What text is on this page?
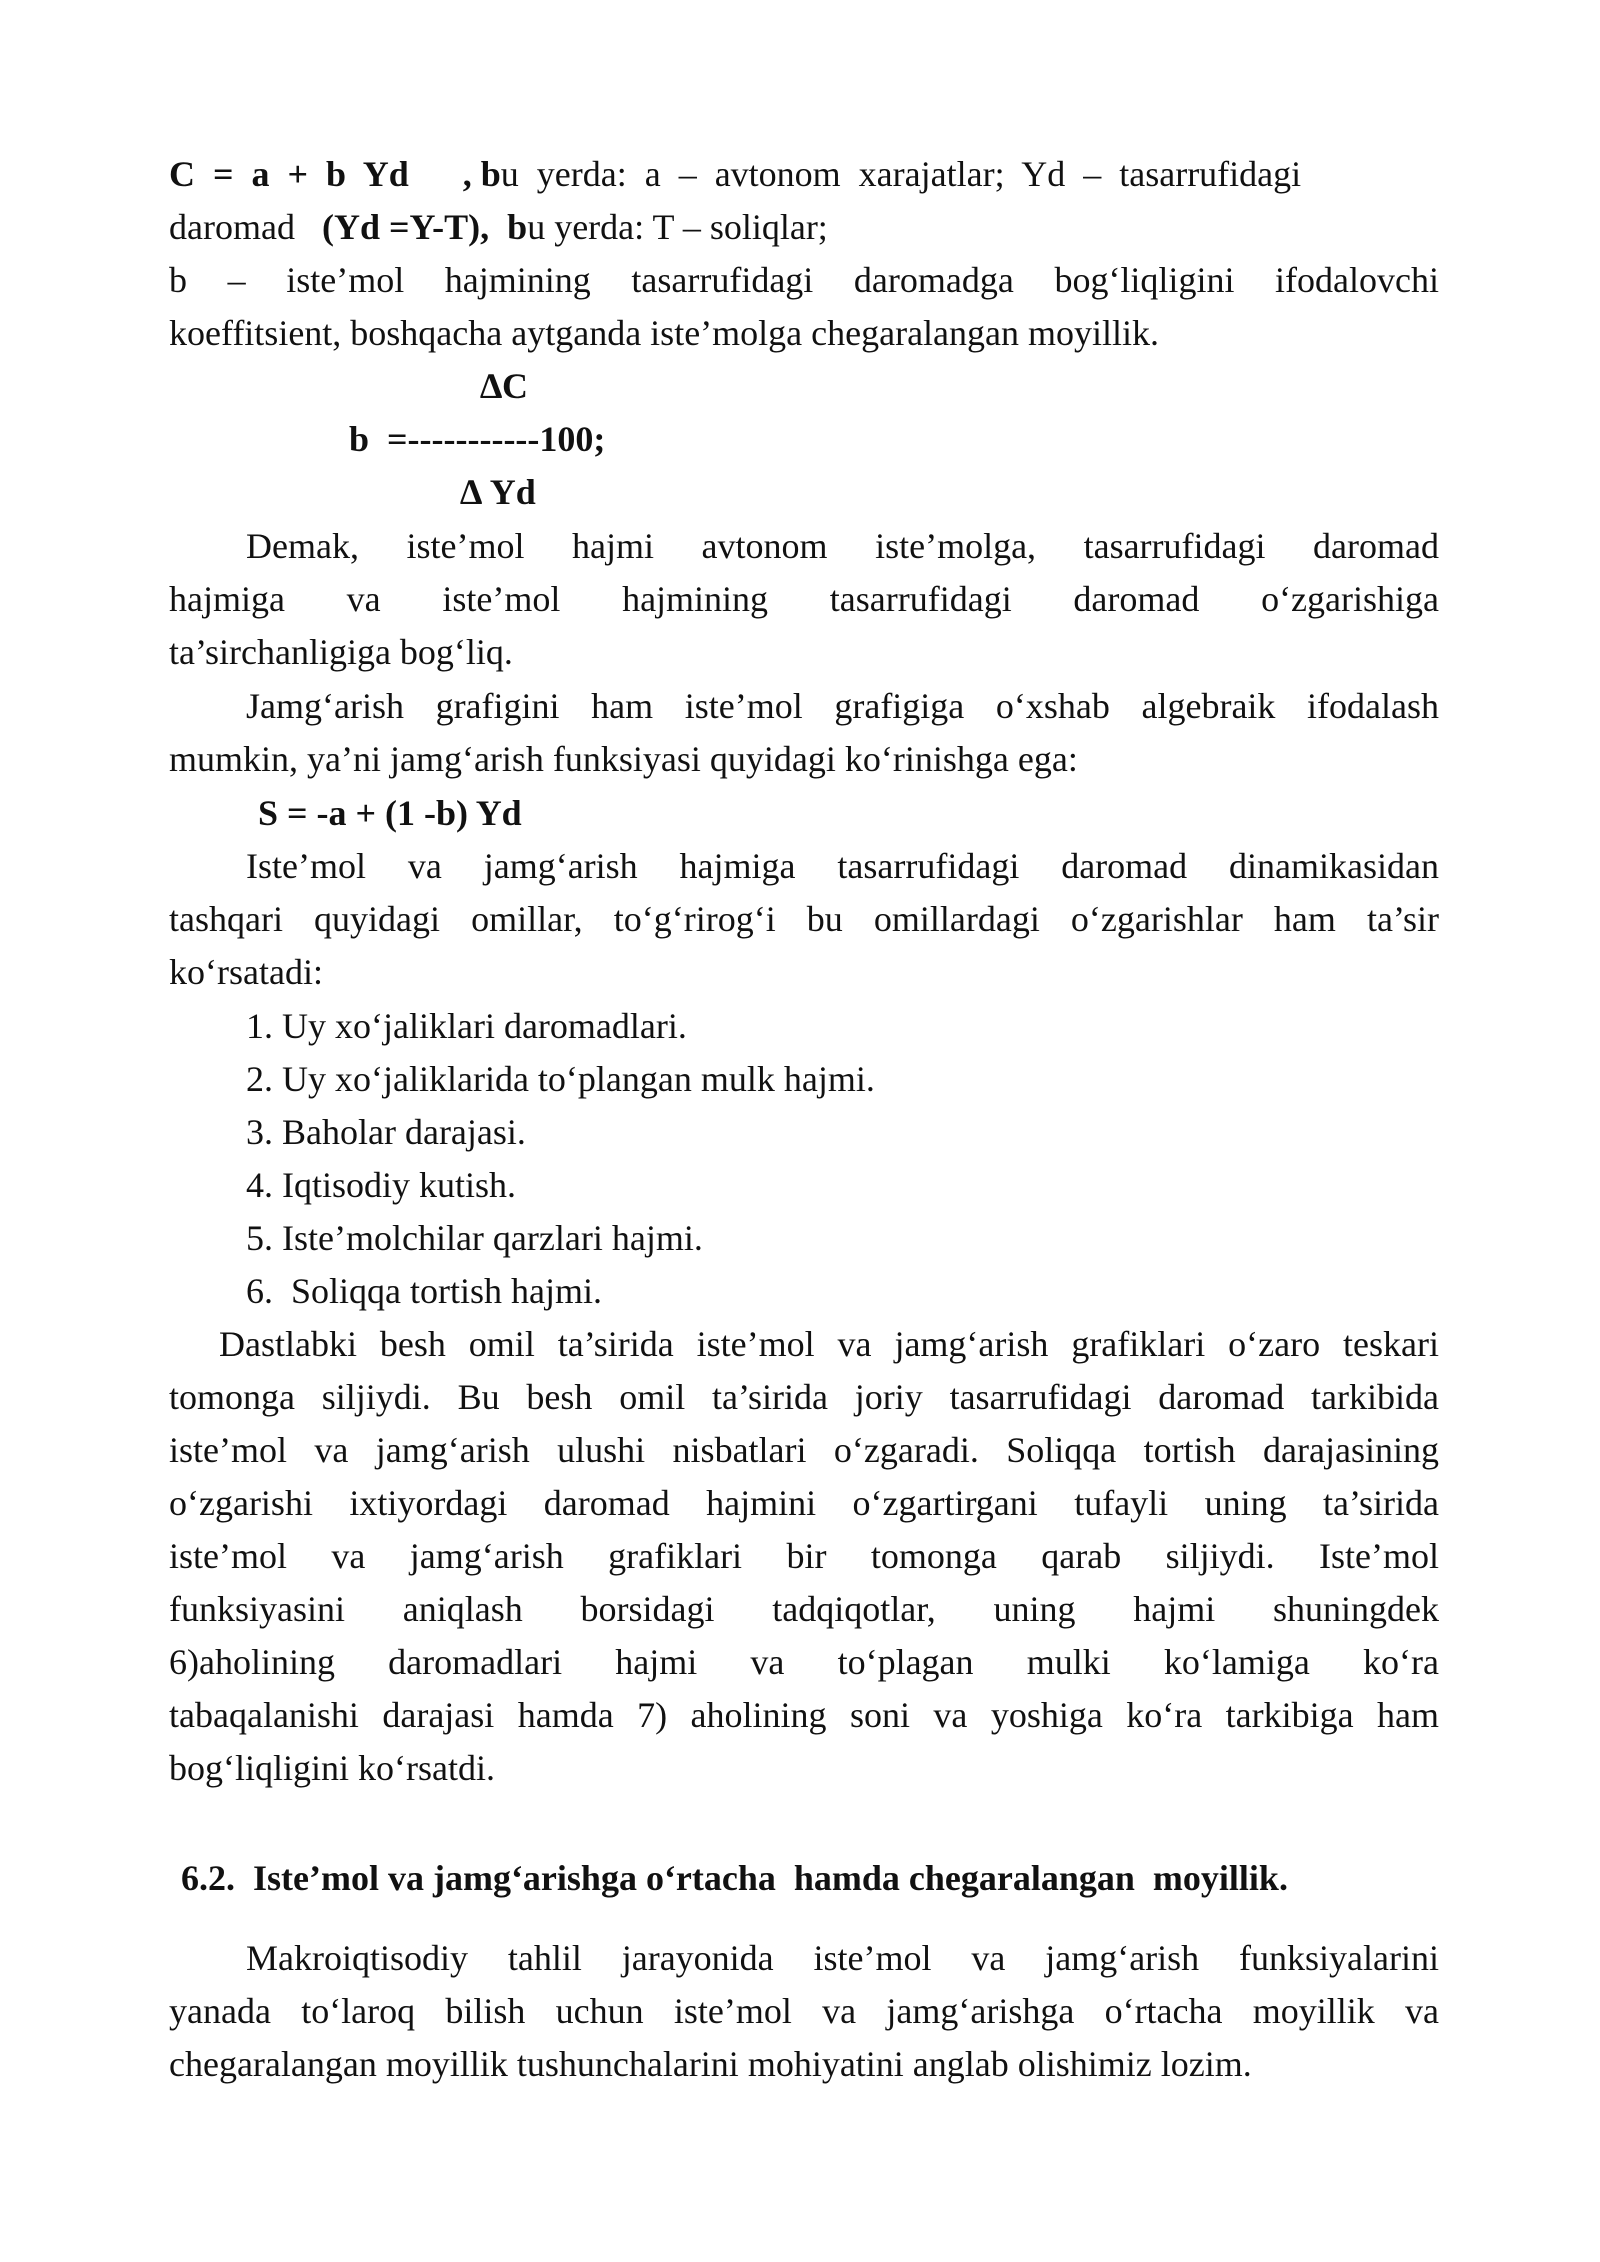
C  =  a  +  b  Yd , bu  yerda:  a  –  avtonom  xarajatlar;  Yd  –  tasarrufidagi
daromad (Yd =Y-T), bu yerda: T – soliqlar;
b – iste’mol hajmining tasarrufidagi daromadga bog‘liqligini ifodalovchi
koeffitsient, boshqacha aytganda iste’molga chegaralangan moyillik.
∆C
b  =-----------100;
∆ Yd

Demak, iste’mol hajmi avtonom iste’molga, tasarrufidagi daromad

hajmiga va iste’mol hajmining tasarrufidagi daromad o‘zgarishiga

ta’sirchanligiga bog‘liq.

Jamg‘arish grafigini ham iste’mol grafigiga o‘xshab algebraik ifodalash

mumkin, ya’ni jamg‘arish funksiyasi quyidagi ko‘rinishga ega:

S = -a + (1 -b) Yd

Iste’mol va jamg‘arish hajmiga tasarrufidagi daromad dinamikasidan

tashqari quyidagi omillar, to‘g‘rirog‘i bu omillardagi o‘zgarishlar ham ta’sir

ko‘rsatadi:

1. Uy xo‘jaliklari daromadlari.

2. Uy xo‘jaliklarida to‘plangan mulk hajmi.

3. Baholar darajasi.

4. Iqtisodiy kutish.

5. Iste’molchilar qarzlari hajmi.

6.  Soliqqa tortish hajmi.

Dastlabki besh omil ta’sirida iste’mol va jamg‘arish grafiklari o‘zaro teskari

tomonga siljiydi. Bu besh omil ta’sirida joriy tasarrufidagi daromad tarkibida

iste’mol va jamg‘arish ulushi nisbatlari o‘zgaradi. Soliqqa tortish darajasining

o‘zgarishi ixtiyordagi daromad hajmini o‘zgartirgani tufayli uning ta’sirida

iste’mol va jamg‘arish grafiklari bir tomonga qarab siljiydi. Iste’mol

funksiyasini aniqlash borsidagi tadqiqotlar, uning hajmi shuningdek

6)aholining daromadlari hajmi va to‘plagan mulki ko‘lamiga ko‘ra

tabaqalanishi darajasi hamda 7) aholining soni va yoshiga ko‘ra tarkibiga ham

bog‘liqligini ko‘rsatdi.

6.2.  Iste’mol va jamg‘arishga o‘rtacha  hamda chegaralangan  moyillik.

Makroiqtisodiy tahlil jarayonida iste’mol va jamg‘arish funksiyalarini

yanada to‘laroq bilish uchun iste’mol va jamg‘arishga o‘rtacha moyillik va

chegaralangan moyillik tushunchalarini mohiyatini anglab olishimiz lozim.
